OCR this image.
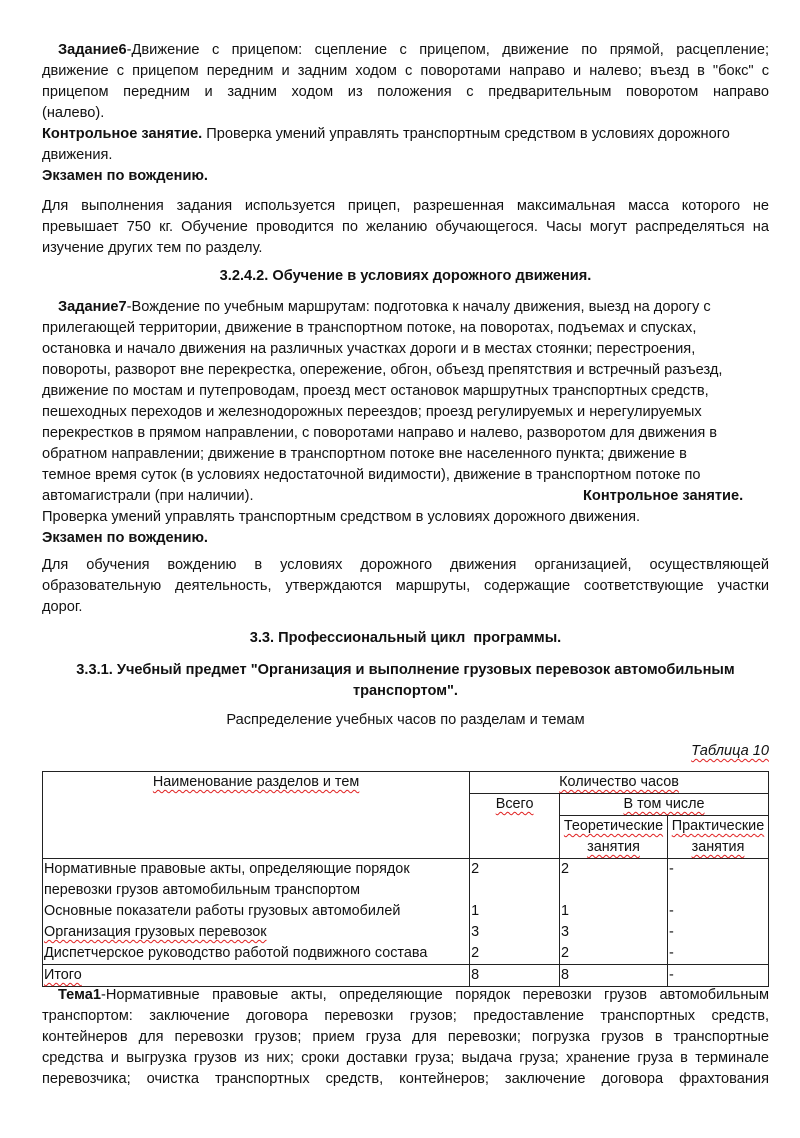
Задание6-Движение с прицепом: сцепление с прицепом, движение по прямой, расцепление;
движение с прицепом передним и задним ходом с поворотами направо и налево; въезд в "бокс" с
прицепом передним и задним ходом из положения с предварительным поворотом направо
(налево).
Контрольное занятие. Проверка умений управлять транспортным средством в условиях дорожного
движения.
Экзамен по вождению.
Для выполнения задания используется прицеп, разрешенная максимальная масса которого не
превышает 750 кг. Обучение проводится по желанию обучающегося. Часы могут распределяться на
изучение других тем по разделу.
3.2.4.2. Обучение в условиях дорожного движения.
Задание7-Вождение по учебным маршрутам: подготовка к началу движения, выезд на дорогу с
прилегающей территории, движение в транспортном потоке, на поворотах, подъемах и спусках,
остановка и начало движения на различных участках дороги и в местах стоянки; перестроения,
повороты, разворот вне перекрестка, опережение, обгон, объезд препятствия и встречный разъезд,
движение по мостам и путепроводам, проезд мест остановок маршрутных транспортных средств,
пешеходных переходов и железнодорожных переездов; проезд регулируемых и нерегулируемых
перекрестков в прямом направлении, с поворотами направо и налево, разворотом для движения в
обратном направлении; движение в транспортном потоке вне населенного пункта; движение в
темное время суток (в условиях недостаточной видимости), движение в транспортном потоке по
автомагистрали (при наличии).	Контрольное занятие.
Проверка умений управлять транспортным средством в условиях дорожного движения.
Экзамен по вождению.
Для обучения вождению в условиях дорожного движения организацией, осуществляющей
образовательную деятельность, утверждаются маршруты, содержащие соответствующие участки
дорог.
3.3. Профессиональный цикл  программы.
3.3.1. Учебный предмет "Организация и выполнение грузовых перевозок автомобильным
транспортом".
Распределение учебных часов по разделам и темам
Таблица 10
Наименование разделов и тем	Количество часов		
	Всего	В том числе	
		Теоретические
занятия	Практические
занятия
Нормативные правовые акты, определяющие порядок
перевозки грузов автомобильным транспортом	2	2	-
Основные показатели работы грузовых автомобилей	1	1	-
Организация грузовых перевозок	3	3	-
Диспетчерское руководство работой подвижного состава	2	2	-
Итого	8	8	-
Тема1-Нормативные правовые акты, определяющие порядок перевозки грузов автомобильным
транспортом: заключение договора перевозки грузов; предоставление транспортных средств,
контейнеров для перевозки грузов; прием груза для перевозки; погрузка грузов в транспортные
средства и выгрузка грузов из них; сроки доставки груза; выдача груза; хранение груза в терминале
перевозчика; очистка транспортных средств, контейнеров; заключение договора фрахтования
